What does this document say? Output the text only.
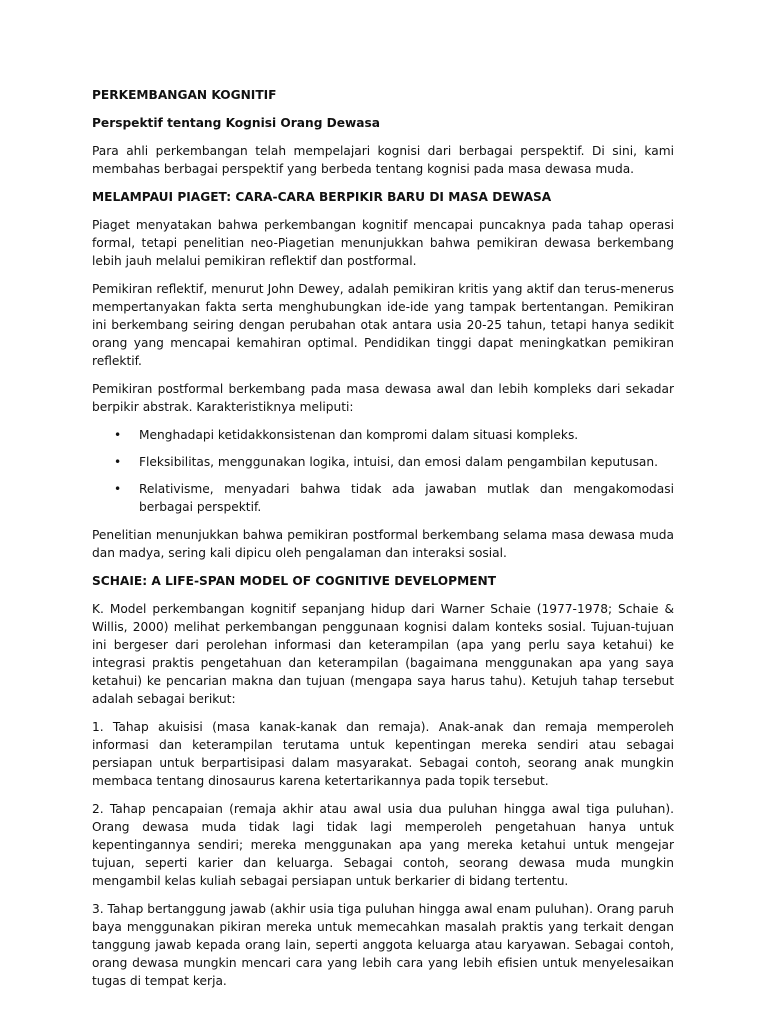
PERKEMBANGAN KOGNITIF

Perspektif tentang Kognisi Orang Dewasa

Para ahli perkembangan telah mempelajari kognisi dari berbagai perspektif. Di sini, kami membahas berbagai perspektif yang berbeda tentang kognisi pada masa dewasa muda.

MELAMPAUI PIAGET: CARA-CARA BERPIKIR BARU DI MASA DEWASA

Piaget menyatakan bahwa perkembangan kognitif mencapai puncaknya pada tahap operasi formal, tetapi penelitian neo-Piagetian menunjukkan bahwa pemikiran dewasa berkembang lebih jauh melalui pemikiran reflektif dan postformal.

Pemikiran reflektif, menurut John Dewey, adalah pemikiran kritis yang aktif dan terus-menerus mempertanyakan fakta serta menghubungkan ide-ide yang tampak bertentangan. Pemikiran ini berkembang seiring dengan perubahan otak antara usia 20-25 tahun, tetapi hanya sedikit orang yang mencapai kemahiran optimal. Pendidikan tinggi dapat meningkatkan pemikiran reflektif.

Pemikiran postformal berkembang pada masa dewasa awal dan lebih kompleks dari sekadar berpikir abstrak. Karakteristiknya meliputi:

• Menghadapi ketidakkonsistenan dan kompromi dalam situasi kompleks.
• Fleksibilitas, menggunakan logika, intuisi, dan emosi dalam pengambilan keputusan.
• Relativisme, menyadari bahwa tidak ada jawaban mutlak dan mengakomodasi berbagai perspektif.

Penelitian menunjukkan bahwa pemikiran postformal berkembang selama masa dewasa muda dan madya, sering kali dipicu oleh pengalaman dan interaksi sosial.

SCHAIE: A LIFE-SPAN MODEL OF COGNITIVE DEVELOPMENT

K. Model perkembangan kognitif sepanjang hidup dari Warner Schaie (1977-1978; Schaie & Willis, 2000) melihat perkembangan penggunaan kognisi dalam konteks sosial. Tujuan-tujuan ini bergeser dari perolehan informasi dan keterampilan (apa yang perlu saya ketahui) ke integrasi praktis pengetahuan dan keterampilan (bagaimana menggunakan apa yang saya ketahui) ke pencarian makna dan tujuan (mengapa saya harus tahu). Ketujuh tahap tersebut adalah sebagai berikut:

1. Tahap akuisisi (masa kanak-kanak dan remaja). Anak-anak dan remaja memperoleh informasi dan keterampilan terutama untuk kepentingan mereka sendiri atau sebagai persiapan untuk berpartisipasi dalam masyarakat. Sebagai contoh, seorang anak mungkin membaca tentang dinosaurus karena ketertarikannya pada topik tersebut.

2. Tahap pencapaian (remaja akhir atau awal usia dua puluhan hingga awal tiga puluhan). Orang dewasa muda tidak lagi tidak lagi memperoleh pengetahuan hanya untuk kepentingannya sendiri; mereka menggunakan apa yang mereka ketahui untuk mengejar tujuan, seperti karier dan keluarga. Sebagai contoh, seorang dewasa muda mungkin mengambil kelas kuliah sebagai persiapan untuk berkarier di bidang tertentu.

3. Tahap bertanggung jawab (akhir usia tiga puluhan hingga awal enam puluhan). Orang paruh baya menggunakan pikiran mereka untuk memecahkan masalah praktis yang terkait dengan tanggung jawab kepada orang lain, seperti anggota keluarga atau karyawan. Sebagai contoh, orang dewasa mungkin mencari cara yang lebih cara yang lebih efisien untuk menyelesaikan tugas di tempat kerja.
